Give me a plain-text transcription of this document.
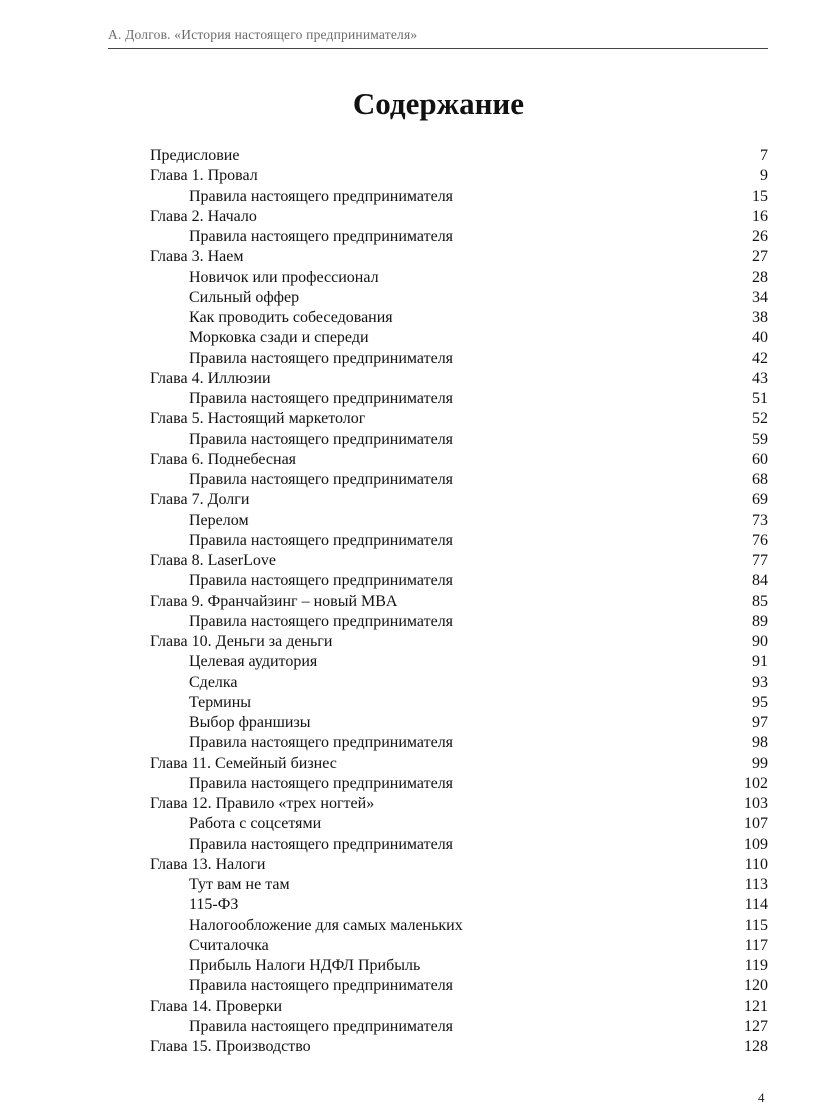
А. Долгов. «История настоящего предпринимателя»
Содержание
Предисловие	7
Глава 1. Провал	9
Правила настоящего предпринимателя	15
Глава 2. Начало	16
Правила настоящего предпринимателя	26
Глава 3. Наем	27
Новичок или профессионал	28
Сильный оффер	34
Как проводить собеседования	38
Морковка сзади и спереди	40
Правила настоящего предпринимателя	42
Глава 4. Иллюзии	43
Правила настоящего предпринимателя	51
Глава 5. Настоящий маркетолог	52
Правила настоящего предпринимателя	59
Глава 6. Поднебесная	60
Правила настоящего предпринимателя	68
Глава 7. Долги	69
Перелом	73
Правила настоящего предпринимателя	76
Глава 8. LaserLove	77
Правила настоящего предпринимателя	84
Глава 9. Франчайзинг – новый MBA	85
Правила настоящего предпринимателя	89
Глава 10. Деньги за деньги	90
Целевая аудитория	91
Сделка	93
Термины	95
Выбор франшизы	97
Правила настоящего предпринимателя	98
Глава 11. Семейный бизнес	99
Правила настоящего предпринимателя	102
Глава 12. Правило «трех ногтей»	103
Работа с соцсетями	107
Правила настоящего предпринимателя	109
Глава 13. Налоги	110
Тут вам не там	113
115-ФЗ	114
Налогообложение для самых маленьких	115
Считалочка	117
Прибыль Налоги НДФЛ Прибыль	119
Правила настоящего предпринимателя	120
Глава 14. Проверки	121
Правила настоящего предпринимателя	127
Глава 15. Производство	128
4
